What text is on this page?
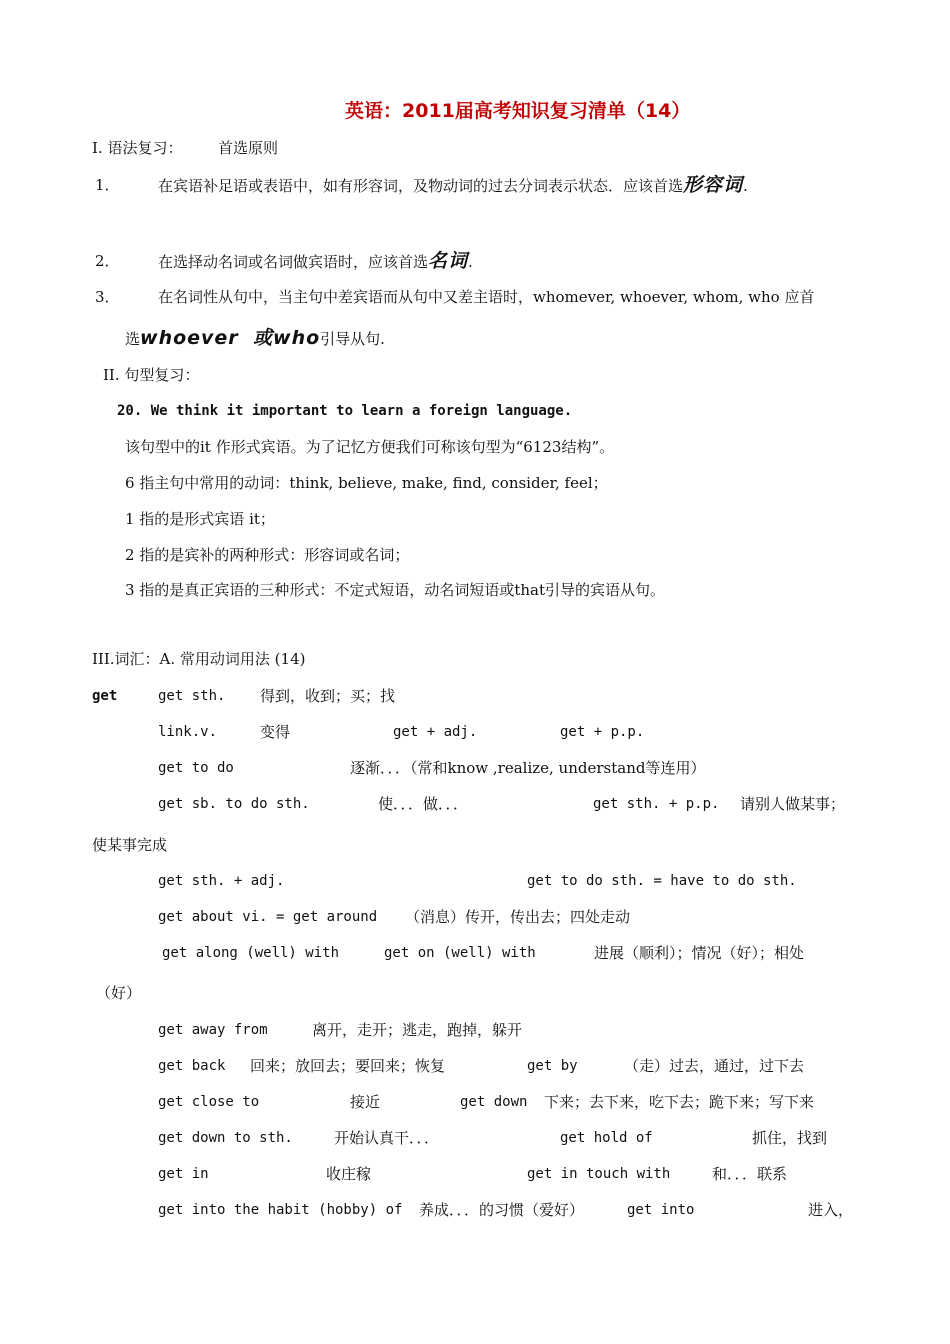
英语：2011届高考知识复习清单（14）
I. 语法复习： 首选原则
1．	在宾语补足语或表语中，如有形容词，及物动词的过去分词表示状态．应该首选形容词.
2．	在选择动名词或名词做宾语时，应该首选名词.
3．	在名词性从句中，当主句中差宾语而从句中又差主语时，whomever, whoever, whom, who 应首
选whoever 或who引导从句.
II. 句型复习：
20. We think it important to learn a foreign language.
该句型中的it 作形式宾语。为了记忆方便我们可称该句型为“6123结构”。
6 指主句中常用的动词：think, believe, make, find, consider, feel；
1 指的是形式宾语 it；
2 指的是宾补的两种形式：形容词或名词；
3 指的是真正宾语的三种形式：不定式短语，动名词短语或that引导的宾语从句。
III.词汇：A. 常用动词用法 (14)
get	get sth. 得到，收到；买；找
link.v.	变得	get + adj.	get + p.p.
get to do	逐渐．．．（常和know ,realize, understand等连用）
get sb. to do sth.	使．．．做．．．	get sth. + p.p. 请别人做某事；
使某事完成
get sth. + adj.	get to do sth. = have to do sth.
get about vi. = get around （消息）传开，传出去；四处走动
get along (well) with	get on (well) with	进展（顺利）；情况（好）；相处
（好）
get away from	离开，走开；逃走，跑掉，躲开
get back 回来；放回去；要回来；恢复	get by	（走）过去，通过，过下去
get close to	接近	get down 下来；去下来，吃下去；跪下来；写下来
get down to sth.	开始认真干．．．	get hold of	抓住，找到
get in	收庄稼	get in touch with	和．．．联系
get into the habit (hobby) of 养成．．．的习惯（爱好）	get into	进入，
